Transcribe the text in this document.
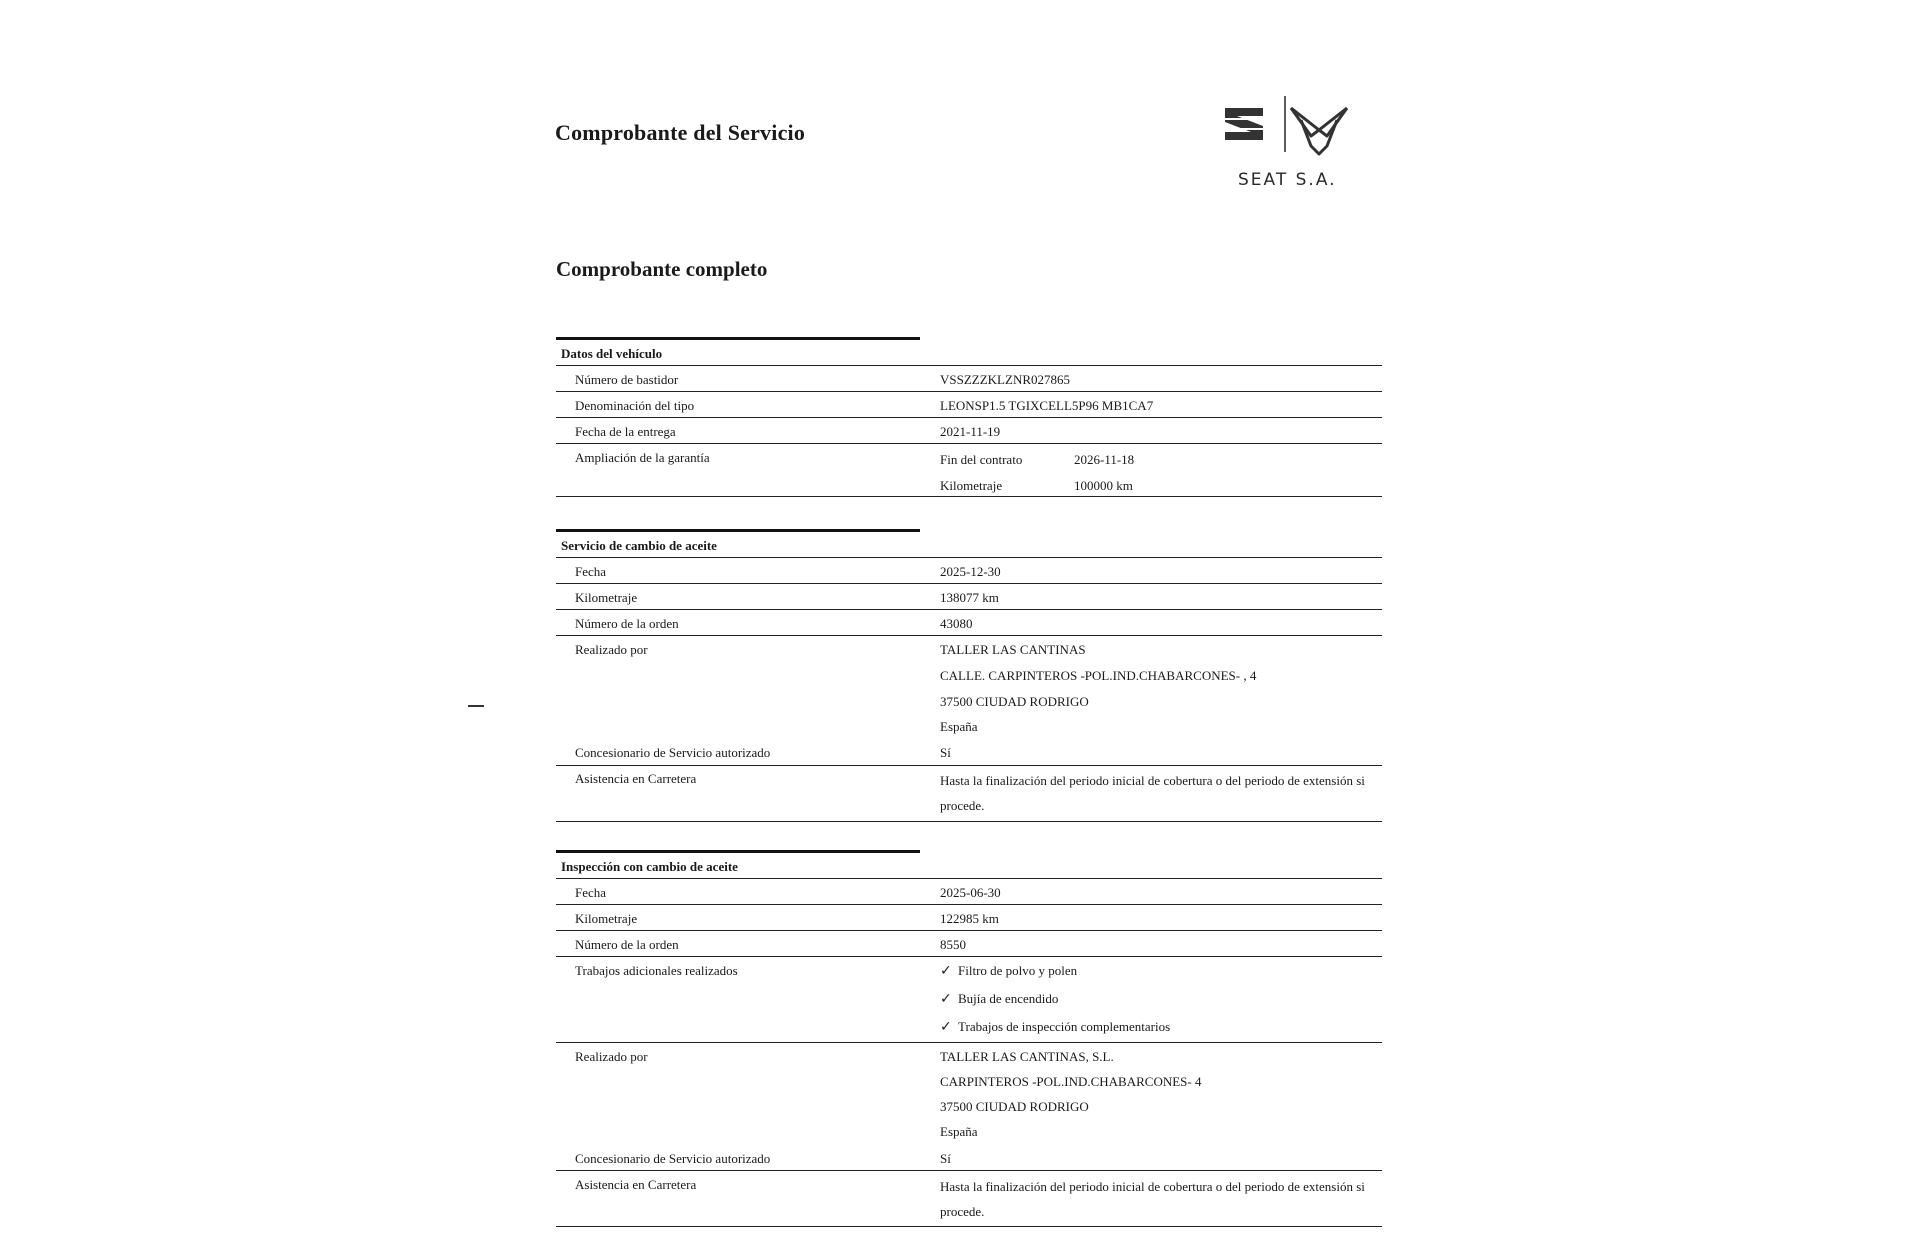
Comprobante del Servicio
SEAT S.A.
Comprobante completo
Datos del vehículo
Número de bastidor	VSSZZZKLZNR027865
Denominación del tipo	LEONSP1.5 TGIXCELL5P96 MB1CA7
Fecha de la entrega	2021-11-19
Ampliación de la garantía	Fin del contrato	2026-11-18
Kilometraje	100000 km
Servicio de cambio de aceite
Fecha	2025-12-30
Kilometraje	138077 km
Número de la orden	43080
Realizado por	TALLER LAS CANTINAS
CALLE. CARPINTEROS -POL.IND.CHABARCONES- , 4
37500 CIUDAD RODRIGO
España
Concesionario de Servicio autorizado	Sí
Asistencia en Carretera	Hasta la finalización del periodo inicial de cobertura o del periodo de extensión si procede.
Inspección con cambio de aceite
Fecha	2025-06-30
Kilometraje	122985 km
Número de la orden	8550
Trabajos adicionales realizados	✓ Filtro de polvo y polen
✓ Bujía de encendido
✓ Trabajos de inspección complementarios
Realizado por	TALLER LAS CANTINAS, S.L.
CARPINTEROS -POL.IND.CHABARCONES- 4
37500 CIUDAD RODRIGO
España
Concesionario de Servicio autorizado	Sí
Asistencia en Carretera	Hasta la finalización del periodo inicial de cobertura o del periodo de extensión si procede.
